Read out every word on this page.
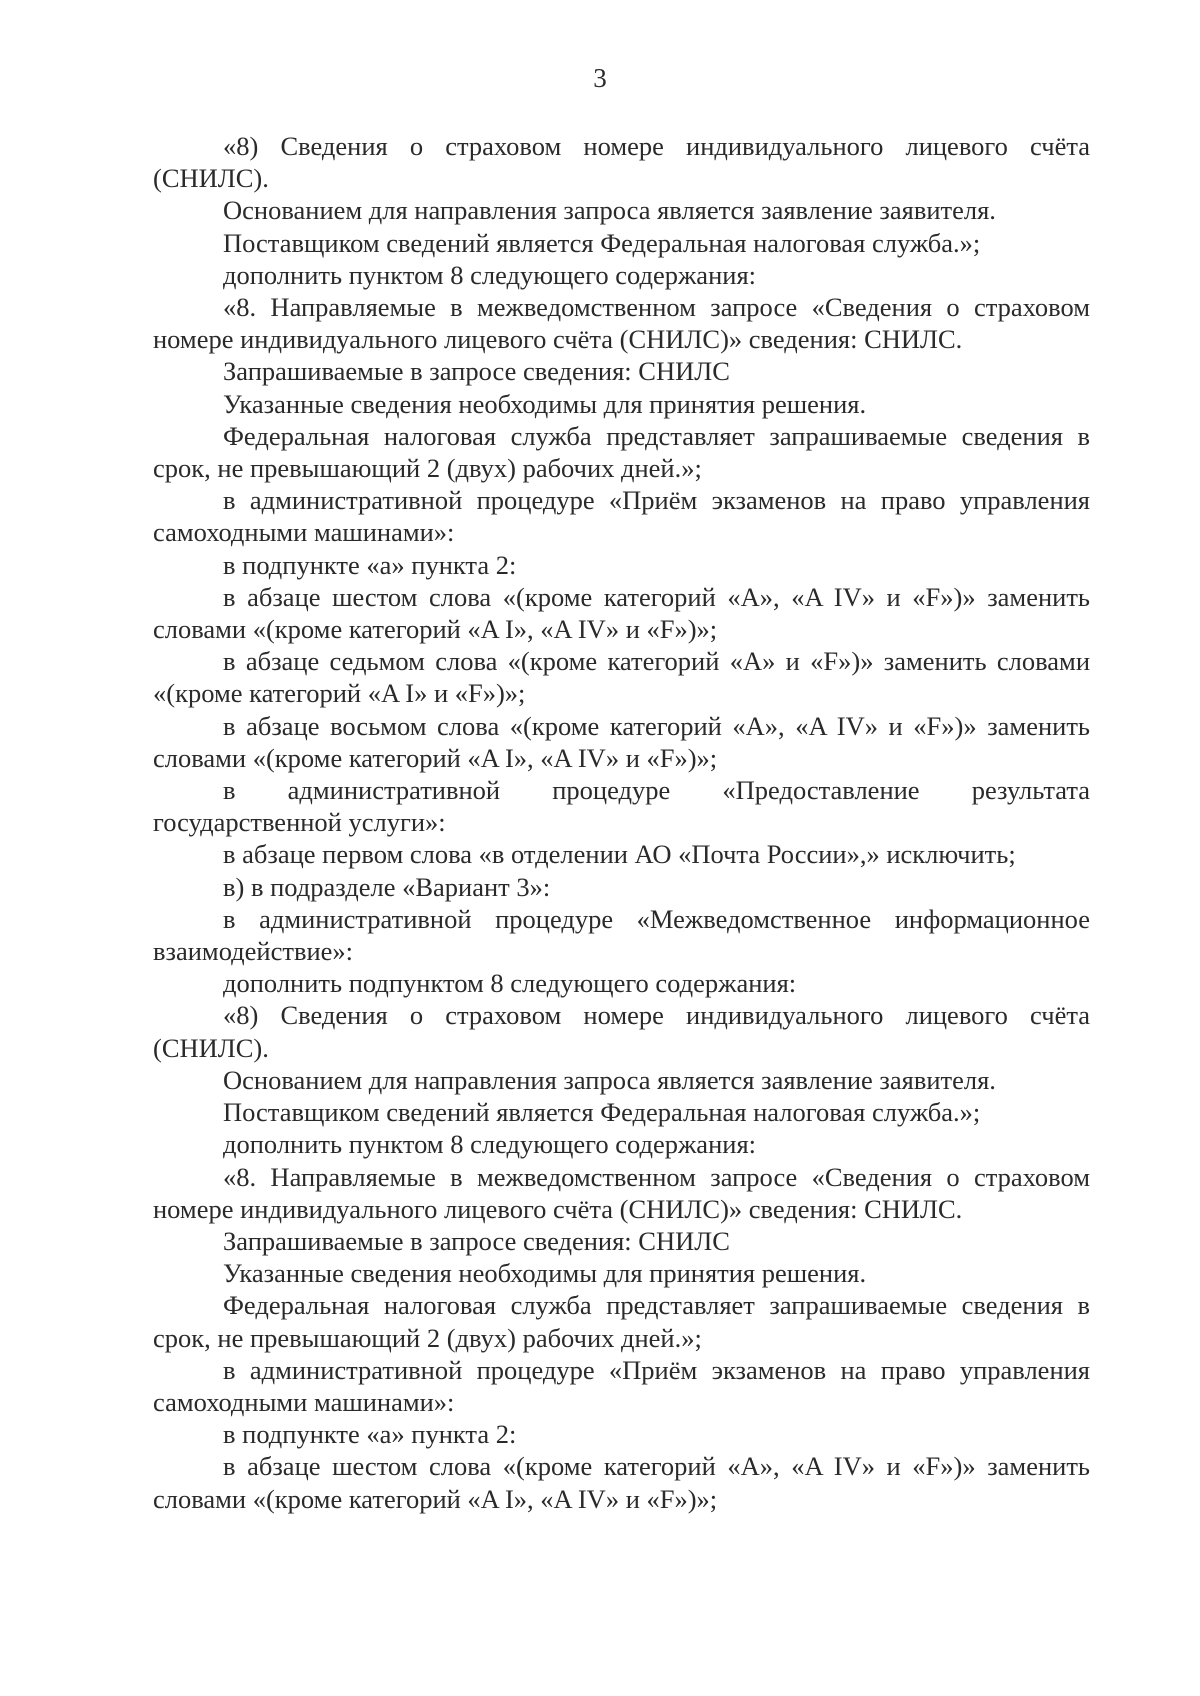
3

«8) Сведения о страховом номере индивидуального лицевого счёта (СНИЛС).

Основанием для направления запроса является заявление заявителя.

Поставщиком сведений является Федеральная налоговая служба.»;

дополнить пунктом 8 следующего содержания:

«8. Направляемые в межведомственном запросе «Сведения о страховом номере индивидуального лицевого счёта (СНИЛС)» сведения: СНИЛС.

Запрашиваемые в запросе сведения: СНИЛС

Указанные сведения необходимы для принятия решения.

Федеральная налоговая служба представляет запрашиваемые сведения в срок, не превышающий 2 (двух) рабочих дней.»;

в административной процедуре «Приём экзаменов на право управления самоходными машинами»:

в подпункте «а» пункта 2:

в абзаце шестом слова «(кроме категорий «A», «A IV» и «F»)» заменить словами «(кроме категорий «A I», «A IV» и «F»)»;

в абзаце седьмом слова «(кроме категорий «A» и «F»)» заменить словами «(кроме категорий «A I» и «F»)»;

в абзаце восьмом слова «(кроме категорий «A», «A IV» и «F»)» заменить словами «(кроме категорий «A I», «A IV» и «F»)»;

в административной процедуре «Предоставление результата государственной услуги»:

в абзаце первом слова «в отделении АО «Почта России»,» исключить;

в) в подразделе «Вариант 3»:

в административной процедуре «Межведомственное информационное взаимодействие»:

дополнить подпунктом 8 следующего содержания:

«8) Сведения о страховом номере индивидуального лицевого счёта (СНИЛС).

Основанием для направления запроса является заявление заявителя.

Поставщиком сведений является Федеральная налоговая служба.»;

дополнить пунктом 8 следующего содержания:

«8. Направляемые в межведомственном запросе «Сведения о страховом номере индивидуального лицевого счёта (СНИЛС)» сведения: СНИЛС.

Запрашиваемые в запросе сведения: СНИЛС

Указанные сведения необходимы для принятия решения.

Федеральная налоговая служба представляет запрашиваемые сведения в срок, не превышающий 2 (двух) рабочих дней.»;

в административной процедуре «Приём экзаменов на право управления самоходными машинами»:

в подпункте «а» пункта 2:

в абзаце шестом слова «(кроме категорий «A», «A IV» и «F»)» заменить словами «(кроме категорий «A I», «A IV» и «F»)»;
